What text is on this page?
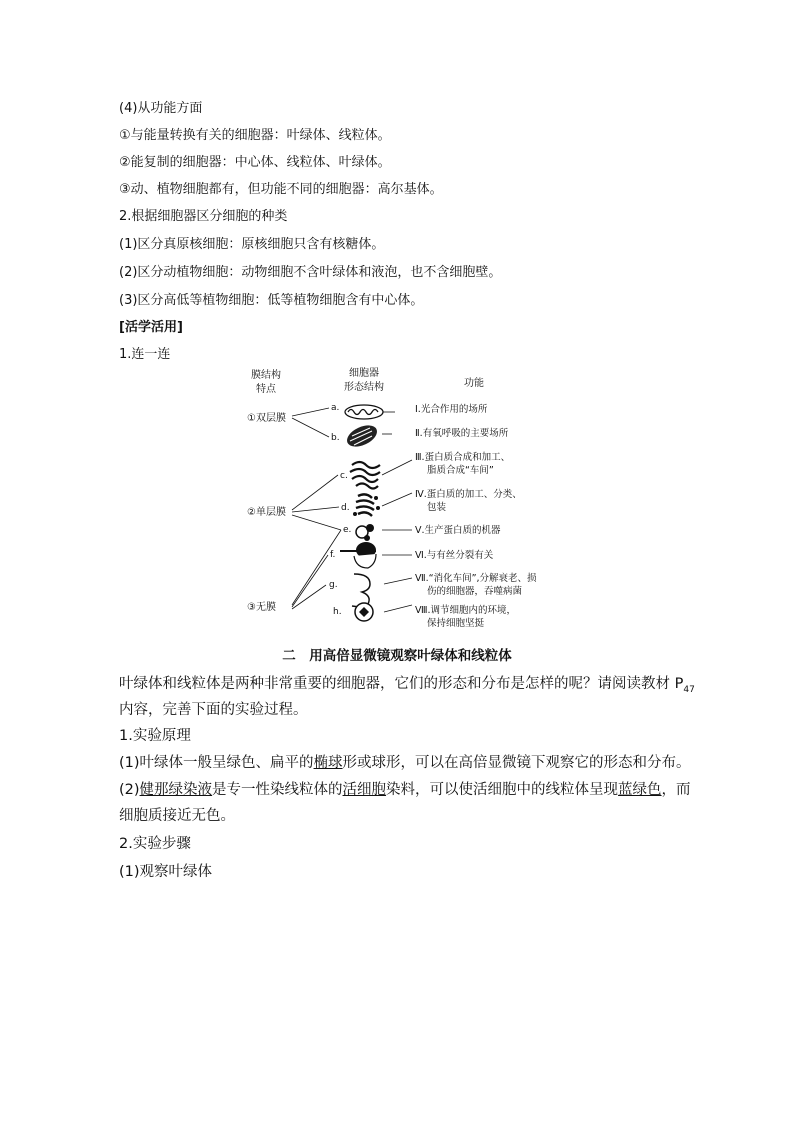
(4)从功能方面
①与能量转换有关的细胞器：叶绿体、线粒体。
②能复制的细胞器：中心体、线粒体、叶绿体。
③动、植物细胞都有，但功能不同的细胞器：高尔基体。
2.根据细胞器区分细胞的种类
(1)区分真原核细胞：原核细胞只含有核糖体。
(2)区分动植物细胞：动物细胞不含叶绿体和液泡，也不含细胞壁。
(3)区分高低等植物细胞：低等植物细胞含有中心体。
[活学活用]
1.连一连
膜结构
特点
细胞器
形态结构	功能
①双层膜
②单层膜
③无膜
a.
b.
c.
d.
e.
f.
g.
h.
Ⅰ.光合作用的场所
Ⅱ.有氧呼吸的主要场所
Ⅲ.蛋白质合成和加工、
脂质合成“车间”
Ⅳ.蛋白质的加工、分类、
包装
Ⅴ.生产蛋白质的机器
Ⅵ.与有丝分裂有关
Ⅶ.“消化车间”,分解衰老、损
伤的细胞器，吞噬病菌
Ⅷ.调节细胞内的环境，
保持细胞坚挺
二　用高倍显微镜观察叶绿体和线粒体
叶绿体和线粒体是两种非常重要的细胞器，它们的形态和分布是怎样的呢？请阅读教材 $P_{47}$
内容，完善下面的实验过程。
1.实验原理
(1)叶绿体一般呈绿色、扁平的椭球形或球形，可以在高倍显微镜下观察它的形态和分布。
(2)健那绿染液是专一性染线粒体的活细胞染料，可以使活细胞中的线粒体呈现蓝绿色，而
细胞质接近无色。
2.实验步骤
(1)观察叶绿体
